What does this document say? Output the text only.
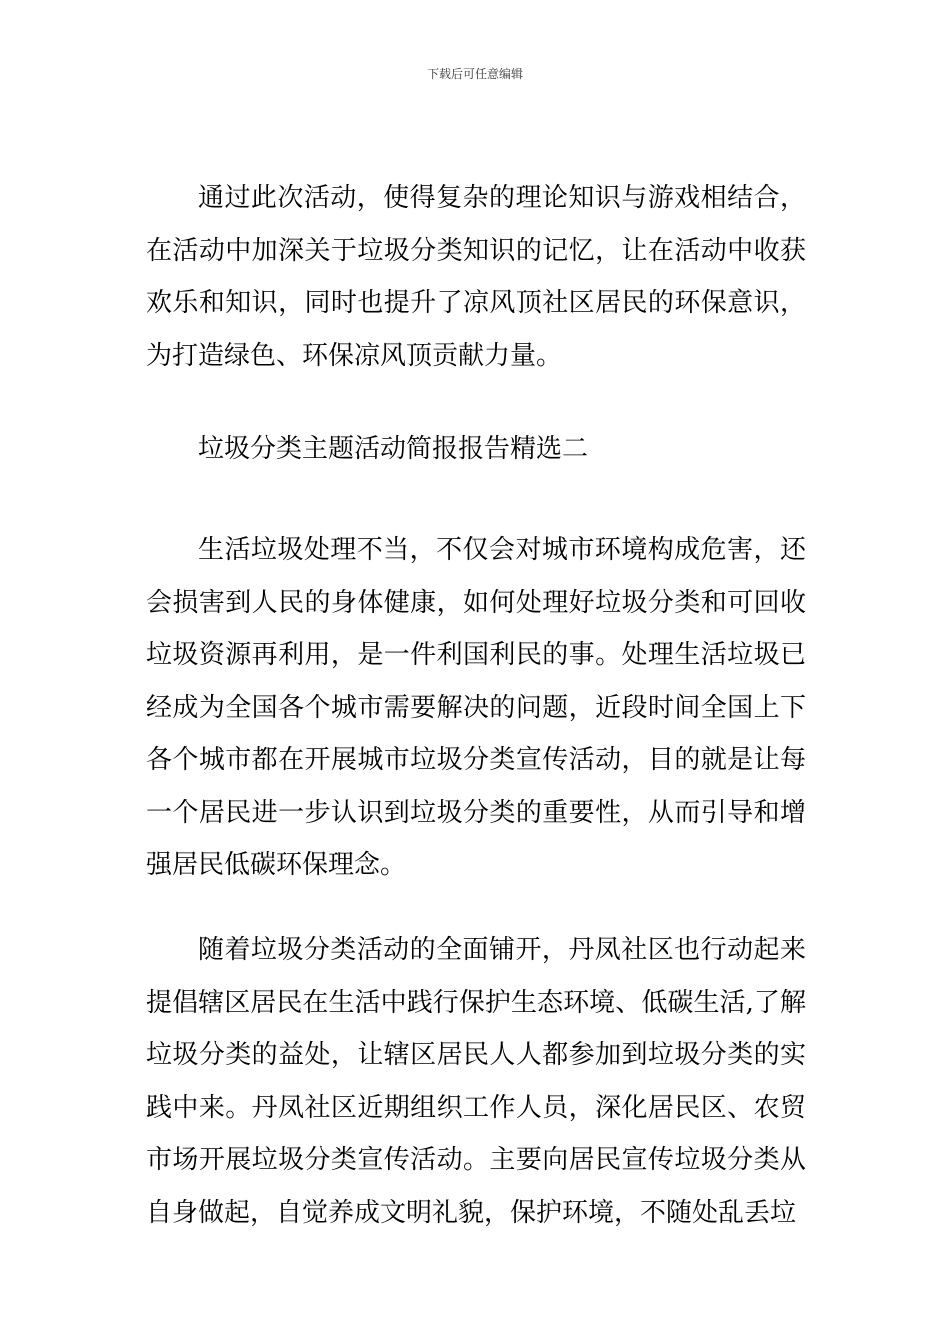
下载后可任意编辑

通过此次活动，使得复杂的理论知识与游戏相结合，在活动中加深关于垃圾分类知识的记忆，让在活动中收获欢乐和知识，同时也提升了凉风顶社区居民的环保意识，为打造绿色、环保凉风顶贡献力量。

垃圾分类主题活动简报报告精选二

生活垃圾处理不当，不仅会对城市环境构成危害，还会损害到人民的身体健康，如何处理好垃圾分类和可回收垃圾资源再利用，是一件利国利民的事。处理生活垃圾已经成为全国各个城市需要解决的问题，近段时间全国上下各个城市都在开展城市垃圾分类宣传活动，目的就是让每一个居民进一步认识到垃圾分类的重要性，从而引导和增强居民低碳环保理念。

随着垃圾分类活动的全面铺开，丹凤社区也行动起来提倡辖区居民在生活中践行保护生态环境、低碳生活,了解垃圾分类的益处，让辖区居民人人都参加到垃圾分类的实践中来。丹凤社区近期组织工作人员，深化居民区、农贸市场开展垃圾分类宣传活动。主要向居民宣传垃圾分类从自身做起，自觉养成文明礼貌，保护环境，不随处乱丢垃
